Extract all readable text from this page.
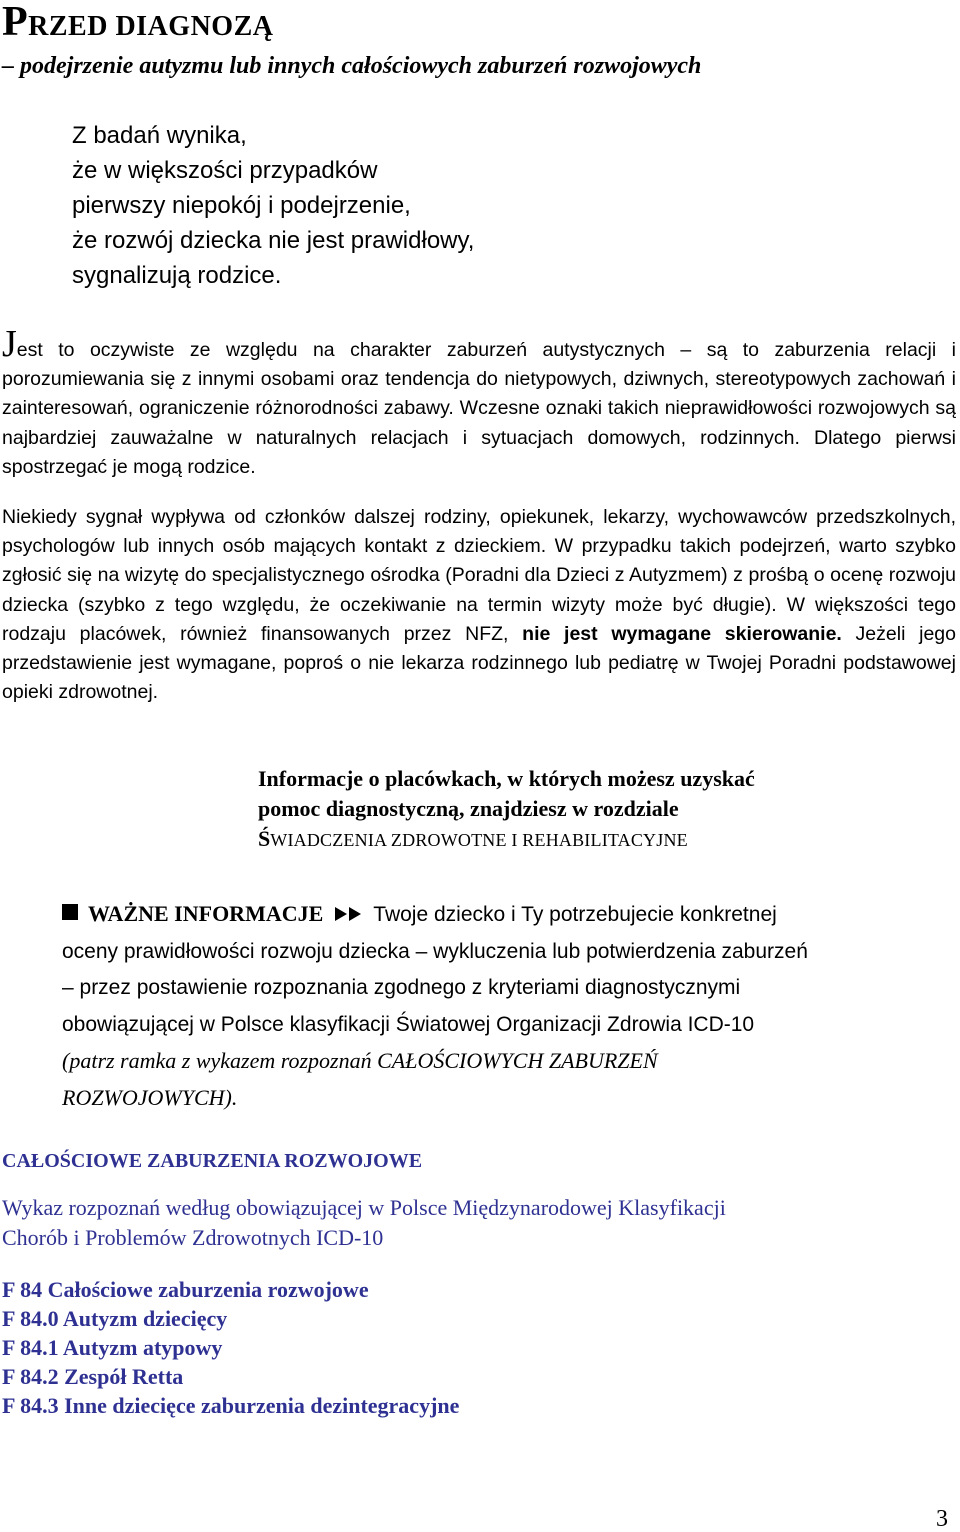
PRZED DIAGNOZĄ
– podejrzenie autyzmu lub innych całościowych zaburzeń rozwojowych
Z badań wynika,
że w większości przypadków
pierwszy niepokój i podejrzenie,
że rozwój dziecka nie jest prawidłowy,
sygnalizują rodzice.

Jest to oczywiste ze względu na charakter zaburzeń autystycznych – są to zaburzenia relacji i porozumiewania się z innymi osobami oraz tendencja do nietypowych, dziwnych, stereotypowych zachowań i zainteresowań, ograniczenie różnorodności zabawy. Wczesne oznaki takich nieprawidłowości rozwojowych są najbardziej zauważalne w naturalnych relacjach i sytuacjach domowych, rodzinnych. Dlatego pierwsi spostrzegać je mogą rodzice.

Niekiedy sygnał wypływa od członków dalszej rodziny, opiekunek, lekarzy, wychowawców przedszkolnych, psychologów lub innych osób mających kontakt z dzieckiem. W przypadku takich podejrzeń, warto szybko zgłosić się na wizytę do specjalistycznego ośrodka (Poradni dla Dzieci z Autyzmem) z prośbą o ocenę rozwoju dziecka (szybko z tego względu, że oczekiwanie na termin wizyty może być długie). W większości tego rodzaju placówek, również finansowanych przez NFZ, nie jest wymagane skierowanie. Jeżeli jego przedstawienie jest wymagane, poproś o nie lekarza rodzinnego lub pediatrę w Twojej Poradni podstawowej opieki zdrowotnej.

Informacje o placówkach, w których możesz uzyskać
pomoc diagnostyczną, znajdziesz w rozdziale
ŚWIADCZENIA ZDROWOTNE I REHABILITACYJNE
WAŻNE INFORMACJE Twoje dziecko i Ty potrzebujecie konkretnej
oceny prawidłowości rozwoju dziecka – wykluczenia lub potwierdzenia zaburzeń
– przez postawienie rozpoznania zgodnego z kryteriami diagnostycznymi
obowiązującej w Polsce klasyfikacji Światowej Organizacji Zdrowia ICD-10
(patrz ramka z wykazem rozpoznań CAŁOŚCIOWYCH ZABURZEŃ
ROZWOJOWYCH).
CAŁOŚCIOWE ZABURZENIA ROZWOJOWE
Wykaz rozpoznań według obowiązującej w Polsce Międzynarodowej Klasyfikacji
Chorób i Problemów Zdrowotnych ICD-10
F 84 Całościowe zaburzenia rozwojowe
F 84.0 Autyzm dziecięcy
F 84.1 Autyzm atypowy
F 84.2 Zespół Retta
F 84.3 Inne dziecięce zaburzenia dezintegracyjne
3
